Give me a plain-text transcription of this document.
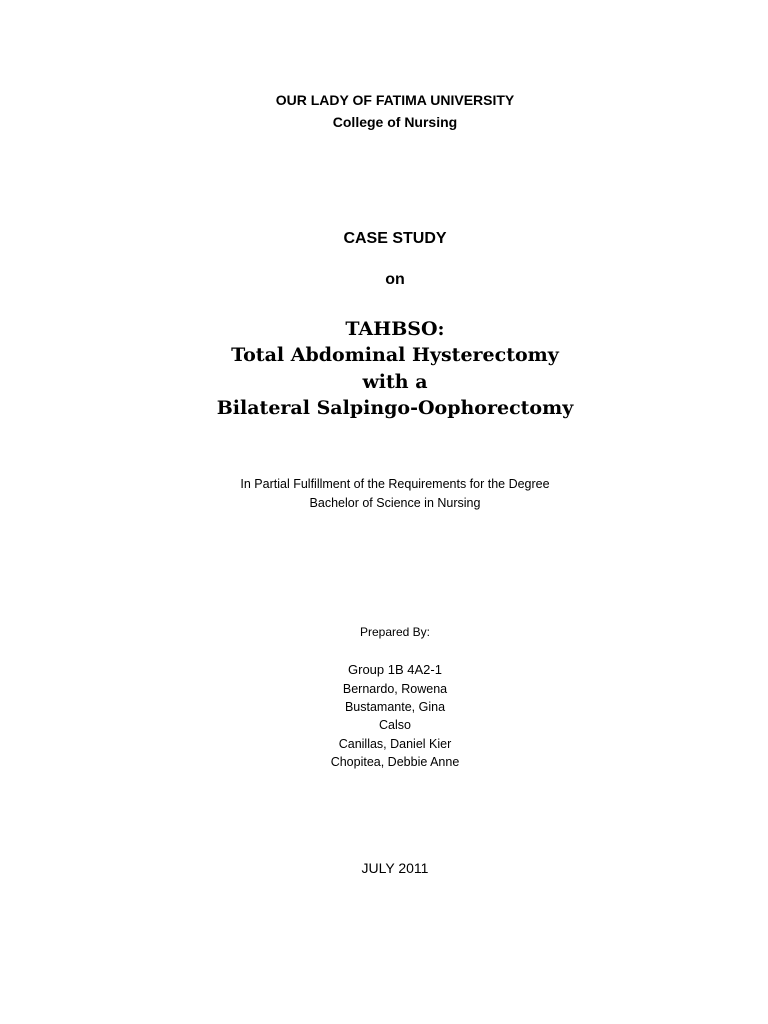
OUR LADY OF FATIMA UNIVERSITY
College of Nursing
CASE STUDY
on
TAHBSO:
Total Abdominal Hysterectomy
with a
Bilateral Salpingo-Oophorectomy
In Partial Fulfillment of the Requirements for the Degree
Bachelor of Science in Nursing
Prepared By:
Group 1B 4A2-1
Bernardo, Rowena
Bustamante, Gina
Calso
Canillas, Daniel Kier
Chopitea, Debbie Anne
JULY 2011
